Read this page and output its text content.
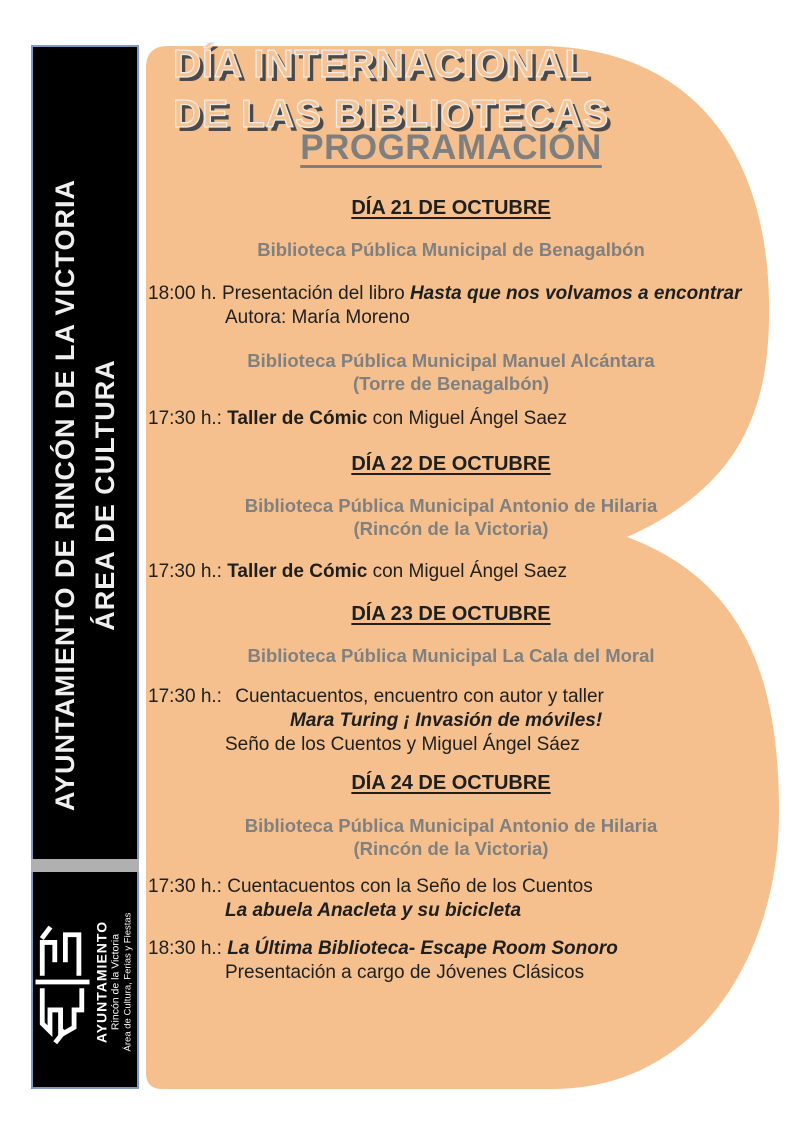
AYUNTAMIENTO DE RINCÓN DE LA VICTORIA ÁREA DE CULTURA
AYUNTAMIENTO Rincón de la Victoria Área de Cultura, Ferias y Fiestas
DÍA INTERNACIONAL
DE LAS BIBLIOTECAS
PROGRAMACIÓN
DÍA 21 DE OCTUBRE
Biblioteca Pública Municipal de Benagalbón
18:00 h. Presentación del libro Hasta que nos volvamos a encontrar
Autora: María Moreno
Biblioteca Pública Municipal Manuel Alcántara
(Torre de Benagalbón)
17:30 h.: Taller de Cómic con Miguel Ángel Saez
DÍA 22 DE OCTUBRE
Biblioteca Pública Municipal Antonio de Hilaria
(Rincón de la Victoria)
17:30 h.: Taller de Cómic con Miguel Ángel Saez
DÍA 23 DE OCTUBRE
Biblioteca Pública Municipal La Cala del Moral
17:30 h.: Cuentacuentos, encuentro con autor y taller
Mara Turing ¡ Invasión de móviles!
Seño de los Cuentos y Miguel Ángel Sáez
DÍA 24 DE OCTUBRE
Biblioteca Pública Municipal Antonio de Hilaria
(Rincón de la Victoria)
17:30 h.: Cuentacuentos con la Seño de los Cuentos
La abuela Anacleta y su bicicleta
18:30 h.: La Última Biblioteca- Escape Room Sonoro
Presentación a cargo de Jóvenes Clásicos
